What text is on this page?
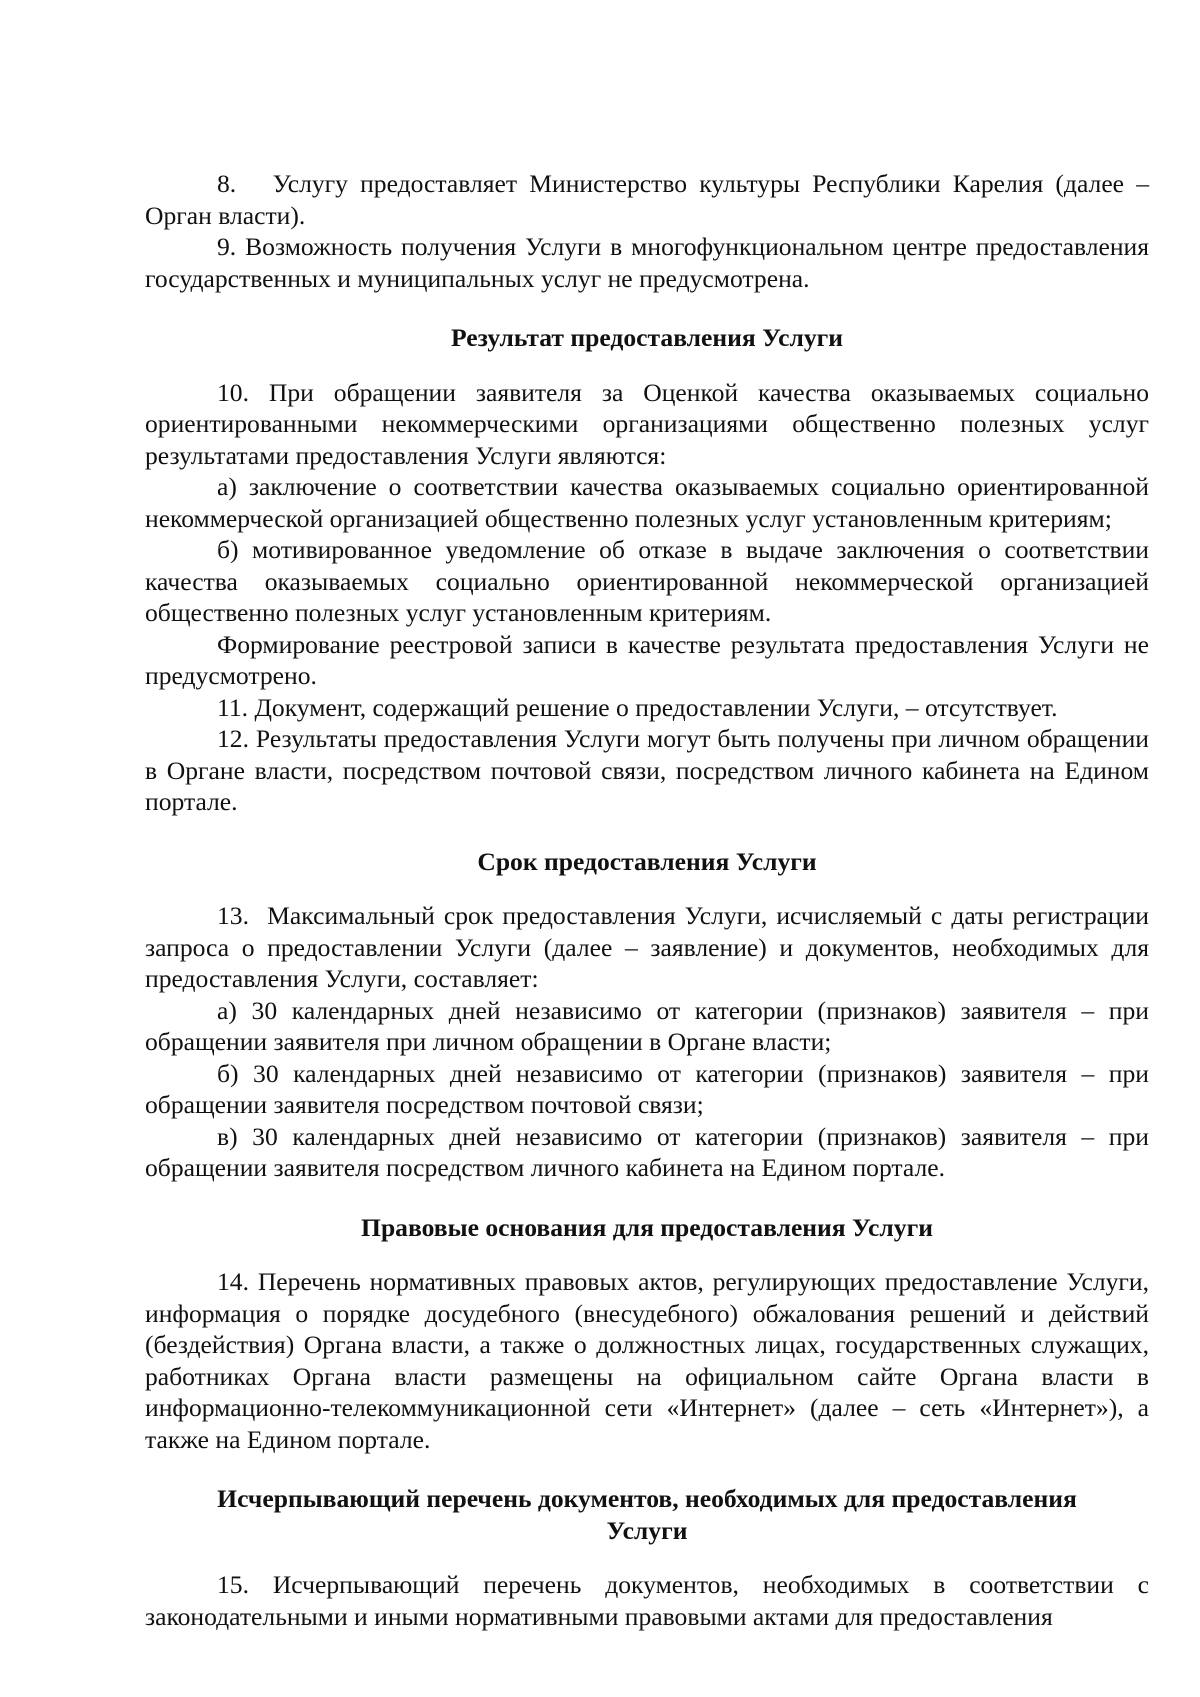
8.   Услугу предоставляет Министерство культуры Республики Карелия (далее – Орган власти).

9. Возможность получения Услуги в многофункциональном центре предоставления государственных и муниципальных услуг не предусмотрена.

Результат предоставления Услуги

10. При обращении заявителя за Оценкой качества оказываемых социально ориентированными некоммерческими организациями общественно полезных услуг результатами предоставления Услуги являются:

а) заключение о соответствии качества оказываемых социально ориентированной некоммерческой организацией общественно полезных услуг установленным критериям;

б) мотивированное уведомление об отказе в выдаче заключения о соответствии качества оказываемых социально ориентированной некоммерческой организацией общественно полезных услуг установленным критериям.

Формирование реестровой записи в качестве результата предоставления Услуги не предусмотрено.

11. Документ, содержащий решение о предоставлении Услуги, – отсутствует.

12. Результаты предоставления Услуги могут быть получены при личном обращении в Органе власти, посредством почтовой связи, посредством личного кабинета на Едином портале.

Срок предоставления Услуги

13.  Максимальный срок предоставления Услуги, исчисляемый с даты регистрации запроса о предоставлении Услуги (далее – заявление) и документов, необходимых для предоставления Услуги, составляет:

а) 30 календарных дней независимо от категории (признаков) заявителя – при обращении заявителя при личном обращении в Органе власти;

б) 30 календарных дней независимо от категории (признаков) заявителя – при обращении заявителя посредством почтовой связи;

в) 30 календарных дней независимо от категории (признаков) заявителя – при обращении заявителя посредством личного кабинета на Едином портале.

Правовые основания для предоставления Услуги

14. Перечень нормативных правовых актов, регулирующих предоставление Услуги, информация о порядке досудебного (внесудебного) обжалования решений и действий (бездействия) Органа власти, а также о должностных лицах, государственных служащих, работниках Органа власти размещены на официальном сайте Органа власти в информационно-телекоммуникационной сети «Интернет» (далее – сеть «Интернет»), а также на Едином портале.

Исчерпывающий перечень документов, необходимых для предоставления Услуги

15. Исчерпывающий перечень документов, необходимых в соответствии с законодательными и иными нормативными правовыми актами для предоставления
